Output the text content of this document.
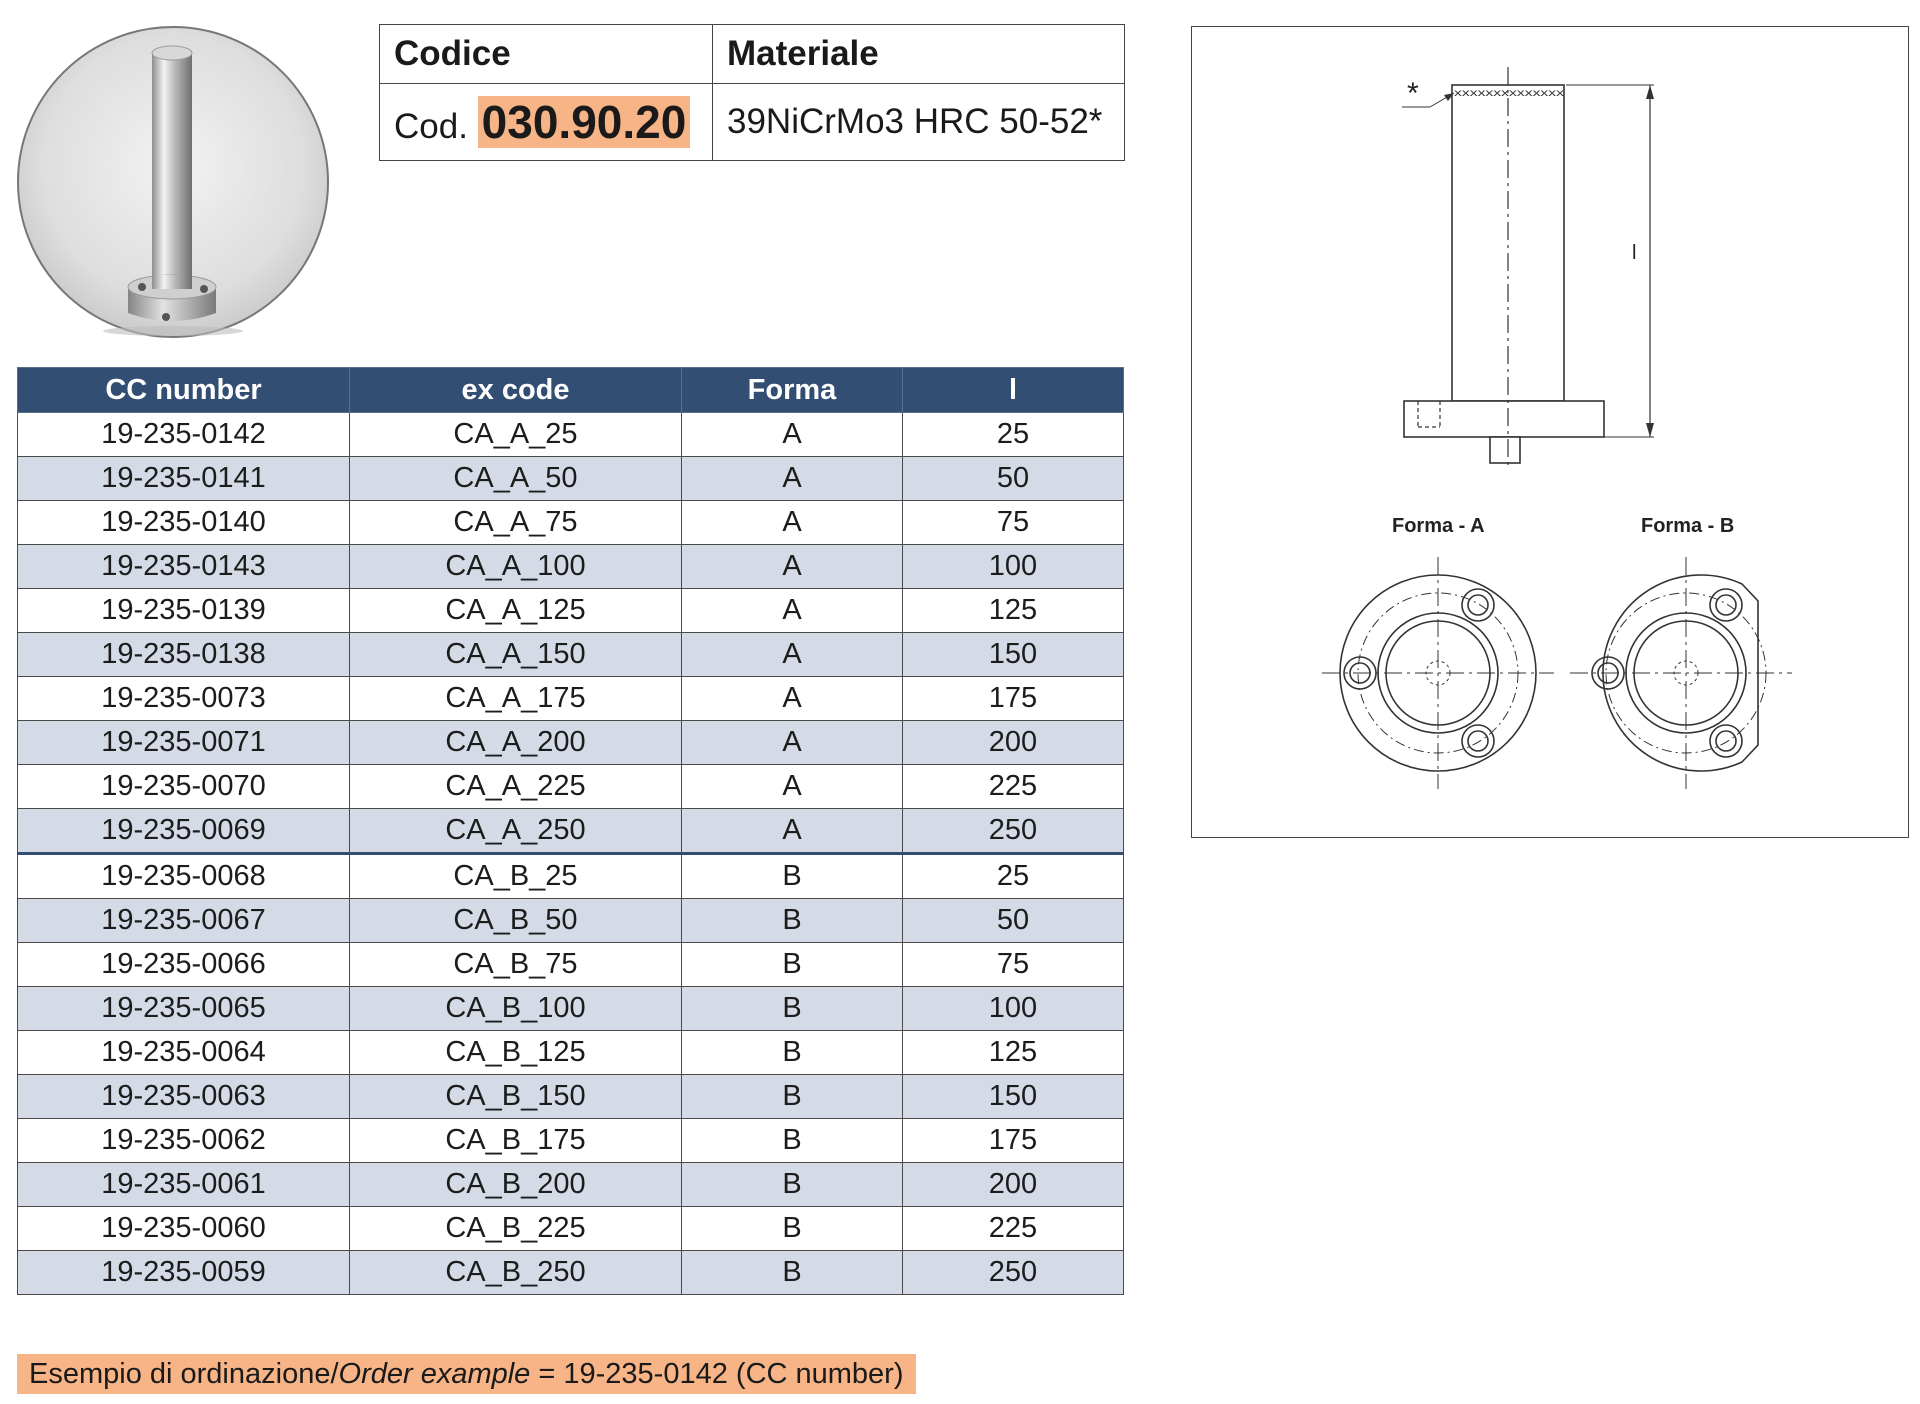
Codice	Materiale
Cod. 030.90.20	39NiCrMo3 HRC 50-52*
*	xxxxxxxxxxxxxx
l
Forma - A	Forma - B
CC number	ex code	Forma	l
19-235-0142	CA_A_25	A	25
19-235-0141	CA_A_50	A	50
19-235-0140	CA_A_75	A	75
19-235-0143	CA_A_100	A	100
19-235-0139	CA_A_125	A	125
19-235-0138	CA_A_150	A	150
19-235-0073	CA_A_175	A	175
19-235-0071	CA_A_200	A	200
19-235-0070	CA_A_225	A	225
19-235-0069	CA_A_250	A	250
19-235-0068	CA_B_25	B	25
19-235-0067	CA_B_50	B	50
19-235-0066	CA_B_75	B	75
19-235-0065	CA_B_100	B	100
19-235-0064	CA_B_125	B	125
19-235-0063	CA_B_150	B	150
19-235-0062	CA_B_175	B	175
19-235-0061	CA_B_200	B	200
19-235-0060	CA_B_225	B	225
19-235-0059	CA_B_250	B	250
Esempio di ordinazione/Order example = 19-235-0142 (CC number)
